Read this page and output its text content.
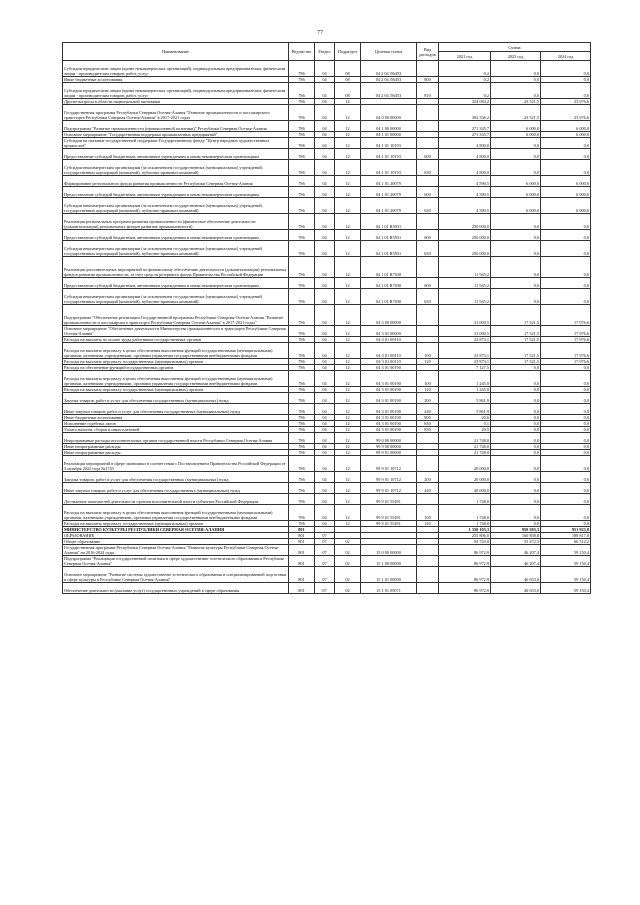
77
Наименование	Ведомство	Раздел	Подраздел	Целевая статья	Вид расходов	Сумма		
						2021 год	2023 год	2024 год
Субсидии юридическим лицам (кроме некоммерческих организаций), индивидуальным предпринимателям, физическим лицам - производителям товаров, работ, услуг	786	04	08	04 2 04 Л6453		0,2	0,0	0,0
Иные бюджетные ассигнования	786	04	08	04 2 04 Л6453	800	0,2	0,0	0,0
Субсидии юридическим лицам (кроме некоммерческих организаций), индивидуальным предпринимателям, физическим лицам - производителям товаров, работ, услуг	786	04	08	04 2 04 Л6453	810	0,2	0,0	0,0
Другие вопросы в области национальной экономики	786	04	12			324 084,2	23 521,5	23 976,6
Государственная программа Республики Северная Осетия-Алания "Развитие промышленности и пассажирского транспорта Республики Северная Осетия-Алания" в 2017-2021 годах	786	04	12	04 0 00 00000		302 336,2	23 521,5	23 976,6
Подпрограмма "Развитие промышленности (промышленной политики)" Республики Северная Осетия-Алания	786	04	12	04 1 00 00000		271 335,7	6 000,0	6 000,0
Основное мероприятие "Государственная поддержка промышленных предприятий"	786	04	12	04 1 01 00000		271 335,7	6 000,0	6 000,0
Субсидии на оказание государственной поддержки Государственному фонду "Центр народных художественных промыслов"	786	04	12	04 1 01 10193		4 800,0	0,0	0,0
Предоставление субсидий бюджетным, автономным учреждениям и иным некоммерческим организациям	786	04	12	04 1 01 10193	600	4 800,0	0,0	0,0
Субсидии некоммерческим организациям (за исключением государственных (муниципальных) учреждений, государственных корпораций (компаний), публично-правовых компаний)	786	04	12	04 1 01 10193	630	4 800,0	0,0	0,0
Формирование регионального фонда развития промышленности Республики Северная Осетия-Алания	786	04	12	04 1 01 20079		4 590,5	6 000,0	6 000,0
Предоставление субсидий бюджетным, автономным учреждениям и иным некоммерческим организациям	786	04	12	04 1 01 20079	600	4 590,5	6 000,0	6 000,0
Субсидии некоммерческим организациям (за исключением государственных (муниципальных) учреждений, государственных корпораций (компаний), публично-правовых компаний)	786	04	12	04 1 01 20079	630	4 590,5	6 000,0	6 000,0
Реализация региональных программ развития промышленности (финансовое обеспечение деятельности (докапитализации) региональных фондов развития промышленности)	786	04	12	04 1 01 R5931		250 000,0	0,0	0,0
Предоставление субсидий бюджетным, автономным учреждениям и иным некоммерческим организациям	786	04	12	04 1 01 R5931	600	250 000,0	0,0	0,0
Субсидии некоммерческим организациям (за исключением государственных (муниципальных) учреждений, государственных корпораций (компаний), публично-правовых компаний)	786	04	12	04 1 01 R5931	630	250 000,0	0,0	0,0
Реализация дополнительных мероприятий по финансовому обеспечению деятельности (докапитализации) региональных фондов развития промышленности, за счет средств резервного фонда Правительства Российской Федерации	786	04	12	04 1 01 R7030		11 945,2	0,0	0,0
Предоставление субсидий бюджетным, автономным учреждениям и иным некоммерческим организациям	786	04	12	04 1 01 R7030	600	11 945,2	0,0	0,0
Субсидии некоммерческим организациям (за исключением государственных (муниципальных) учреждений, государственных корпораций (компаний), публично-правовых компаний)	786	04	12	04 1 01 R7030	630	11 945,2	0,0	0,0
Подпрограмма "Обеспечение реализации Государственной программы Республики Северная Осетия-Алания "Развитие промышленности и пассажирского транспорта Республики Северная Осетия-Алания" в 2017-2021 годах"	786	04	12	04 3 00 00000		31 000,5	17 521,5	17 976,6
Основное мероприятие "Обеспечение деятельности Министерства промышленности и транспорта Республики Северная Осетия-Алания"	786	04	12	04 3 01 00000		31 000,5	17 521,5	17 976,6
Расходы на выплаты по оплате труда работников государственных органов	786	04	12	04 3 01 00110		23 873,1	17 521,5	17 976,6
Расходы на выплаты персоналу в целях обеспечения выполнения функций государственными (муниципальными) органами, казенными учреждениями, органами управления государственными внебюджетными фондами	786	04	12	04 3 01 00110	100	23 873,1	17 521,5	17 976,6
Расходы на выплаты персоналу государственных (муниципальных) органов	786	04	12	04 3 01 00110	120	23 873,1	17 521,5	17 976,6
Расходы на обеспечение функций государственных органов	786	04	12	04 3 01 00190		7 127,5	0,0	0,0
Расходы на выплаты персоналу в целях обеспечения выполнения функций государственными (муниципальными) органами, казенными учреждениями, органами управления государственными внебюджетными фондами	786	04	12	04 3 01 00190	100	1 245,0	0,0	0,0
Расходы на выплаты персоналу государственных (муниципальных) органов	786	04	12	04 3 01 00190	120	1 245,0	0,0	0,0
Закупка товаров, работ и услуг для обеспечения государственных (муниципальных) нужд	786	04	12	04 3 01 00190	200	5 861,9	0,0	0,0
Иные закупки товаров, работ и услуг для обеспечения государственных (муниципальных) нужд	786	04	12	04 3 01 00190	240	5 861,9	0,0	0,0
Иные бюджетные ассигнования	786	04	12	04 3 01 00190	800	20,6	0,0	0,0
Исполнение судебных актов	786	04	12	04 3 01 00190	830	0,1	0,0	0,0
Уплата налогов, сборов и иных платежей	786	04	12	04 3 01 00190	850	20,5	0,0	0,0
Непрограммные расходы исполнительных органов государственной власти Республики Северная Осетия-Алания	786	04	12	99 0 00 00000		21 748,0	0,0	0,0
Иные непрограммные расходы	786	04	12	99 9 00 00000		21 748,0	0,0	0,0
Иные непрограммные расходы	786	04	12	99 9 01 00000		21 748,0	0,0	0,0
Реализация мероприятий в сфере экономики в соответствии с Постановлением Правительства Российской Федерации от 3 октября 2022 года №1743	786	04	12	99 9 01 10712		20 000,0	0,0	0,0
Закупка товаров, работ и услуг для обеспечения государственных (муниципальных) нужд	786	04	12	99 9 01 10712	200	20 000,0	0,0	0,0
Иные закупки товаров, работ и услуг для обеспечения государственных (муниципальных) нужд	786	04	12	99 9 01 10712	240	20 000,0	0,0	0,0
Достижение показателей деятельности органов исполнительной власти субъектов Российской Федерации	786	04	12	99 9 01 55491		1 748,0	0,0	0,0
Расходы на выплаты персоналу в целях обеспечения выполнения функций государственными (муниципальными) органами, казенными учреждениями, органами управления государственными внебюджетными фондами	786	04	12	99 9 01 55491	100	1 748,0	0,0	0,0
Расходы на выплаты персоналу государственных (муниципальных) органов	786	04	12	99 9 01 55491	120	1 748,0	0,0	0,0
МИНИСТЕРСТВО КУЛЬТУРЫ РЕСПУБЛИКИ СЕВЕРНАЯ ОСЕТИЯ-АЛАНИЯ	801					1 350 103,3	950 303,3	951 923,8
ОБРАЗОВАНИЕ	801	07				255 806,0	160 858,8	188 817,8
Общее образование	801	07	02			94 743,0	55 472,3	66 512,2
Государственная программа Республики Северная Осетия-Алания "Развитие культуры Республики Северная Осетия-Алания" на 2016-2024 годы	801	07	02	15 0 00 00000		86 972,9	46 207,4	59 150,4
Подпрограмма "Реализация государственной политики в сфере художественно-эстетического образования в Республике Северная Осетия-Алания"	801	07	02	15 1 00 00000		86 972,9	46 207,4	59 150,4
Основное мероприятие "Развитие системы художественно-эстетического образования и специализированной подготовки в сфере культуры в Республике Северная Осетия-Алания"	801	07	02	15 1 01 00000		86 972,9	46 653,0	59 150,4
Обеспечение деятельности (оказание услуг) государственных учреждений в сфере образования	801	07	02	15 1 01 05071		86 972,9	46 653,0	59 150,4
